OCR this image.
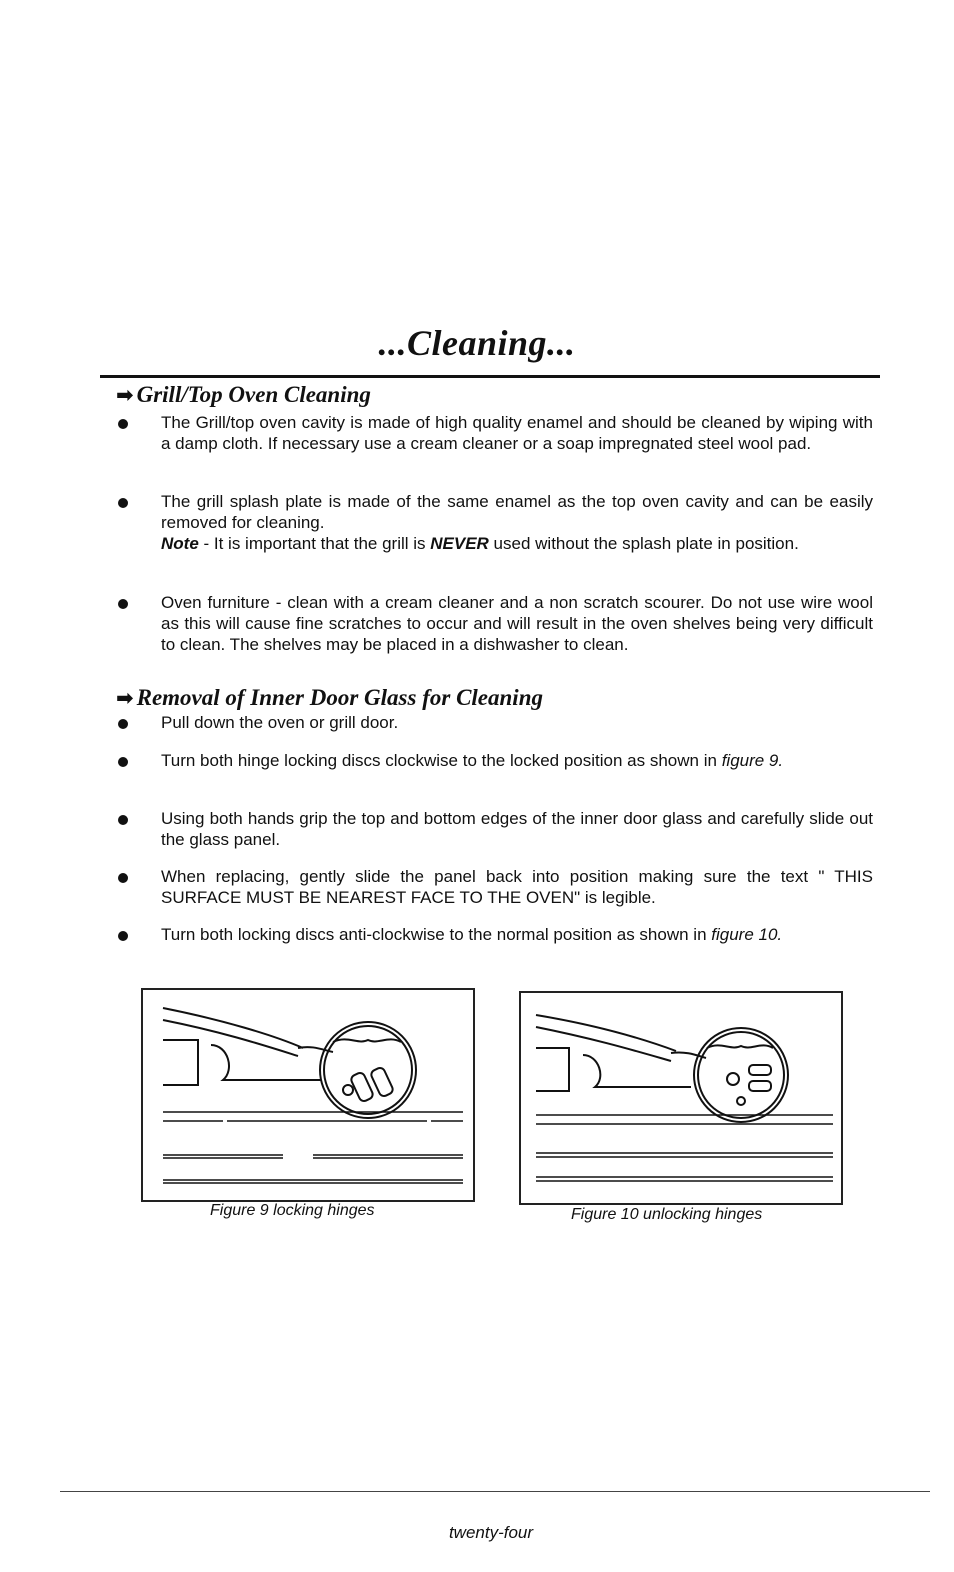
...Cleaning...
➡ Grill/Top Oven Cleaning
The Grill/top oven cavity is made of high quality enamel and should be cleaned by wiping with a damp cloth. If necessary use a cream cleaner or a soap impregnated steel wool pad.
The grill splash plate is made of the same enamel as the top oven cavity and can be easily removed for cleaning.
Note - It is important that the grill is NEVER used without the splash plate in position.
Oven furniture - clean with a cream cleaner and a non scratch scourer. Do not use wire wool as this will cause fine scratches to occur and will result in the oven shelves being very difficult to clean. The shelves may be placed in a dishwasher to clean.
➡ Removal of Inner Door Glass for Cleaning
Pull down the oven or grill door.
Turn both hinge locking discs clockwise to the locked position as shown in figure 9.
Using both hands grip the top and bottom edges of the inner door glass and carefully slide out the glass panel.
When replacing, gently slide the panel back into position making sure the text " THIS SURFACE MUST BE NEAREST FACE TO THE OVEN" is legible.
Turn both locking discs anti-clockwise to the normal position as shown in figure 10.
Figure 9 locking hinges	Figure 10 unlocking hinges
twenty-four
